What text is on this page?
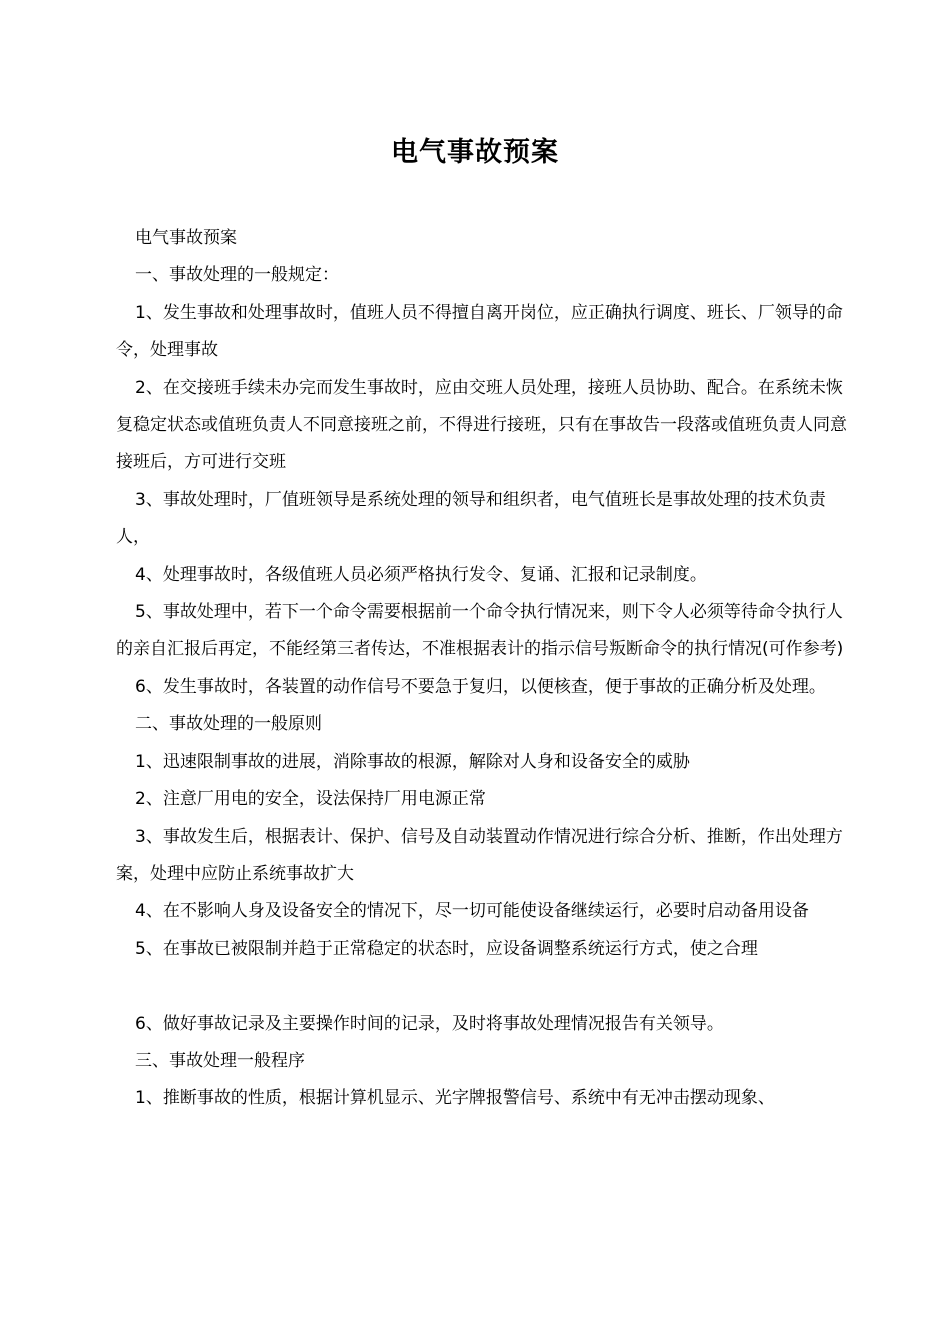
电气事故预案

电气事故预案

一、事故处理的一般规定：

1、发生事故和处理事故时，值班人员不得擅自离开岗位，应正确执行调度、班长、厂领导的命令，处理事故

2、在交接班手续未办完而发生事故时，应由交班人员处理，接班人员协助、配合。在系统未恢复稳定状态或值班负责人不同意接班之前，不得进行接班，只有在事故告一段落或值班负责人同意接班后，方可进行交班

3、事故处理时，厂值班领导是系统处理的领导和组织者，电气值班长是事故处理的技术负责人，

4、处理事故时，各级值班人员必须严格执行发令、复诵、汇报和记录制度。

5、事故处理中，若下一个命令需要根据前一个命令执行情况来，则下令人必须等待命令执行人的亲自汇报后再定，不能经第三者传达，不准根据表计的指示信号叛断命令的执行情况(可作参考)

6、发生事故时，各装置的动作信号不要急于复归，以便核查，便于事故的正确分析及处理。

二、事故处理的一般原则

1、迅速限制事故的进展，消除事故的根源，解除对人身和设备安全的威胁

2、注意厂用电的安全，设法保持厂用电源正常

3、事故发生后，根据表计、保护、信号及自动装置动作情况进行综合分析、推断，作出处理方案，处理中应防止系统事故扩大

4、在不影响人身及设备安全的情况下，尽一切可能使设备继续运行，必要时启动备用设备

5、在事故已被限制并趋于正常稳定的状态时，应设备调整系统运行方式，使之合理

6、做好事故记录及主要操作时间的记录，及时将事故处理情况报告有关领导。

三、事故处理一般程序

1、推断事故的性质，根据计算机显示、光字牌报警信号、系统中有无冲击摆动现象、
